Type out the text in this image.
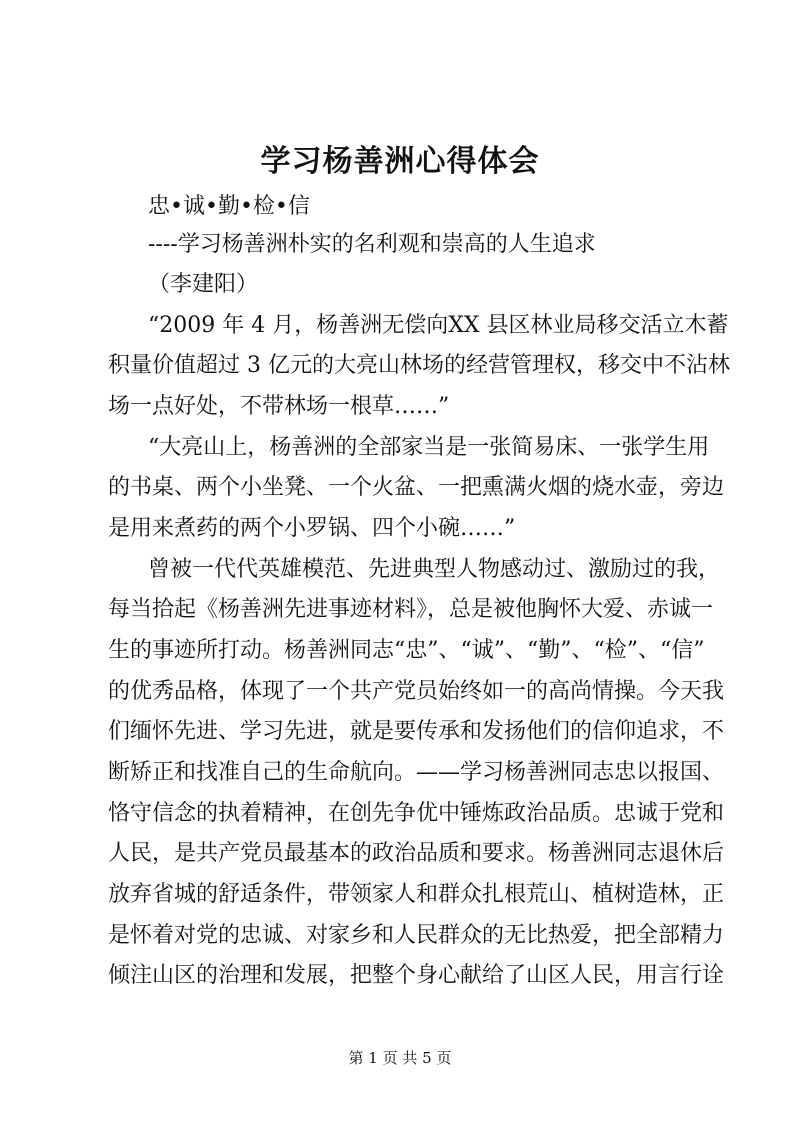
学习杨善洲心得体会
忠•诚•勤•检•信
----学习杨善洲朴实的名利观和崇高的人生追求
（李建阳）
“2009 年 4 月，杨善洲无偿向XX 县区林业局移交活立木蓄
积量价值超过 3 亿元的大亮山林场的经营管理权，移交中不沾林
场一点好处，不带林场一根草……”
“大亮山上，杨善洲的全部家当是一张简易床、一张学生用
的书桌、两个小坐凳、一个火盆、一把熏满火烟的烧水壶，旁边
是用来煮药的两个小罗锅、四个小碗……”
曾被一代代英雄模范、先进典型人物感动过、激励过的我，
每当拾起《杨善洲先进事迹材料》，总是被他胸怀大爱、赤诚一
生的事迹所打动。杨善洲同志“忠”、“诚”、“勤”、“检”、“信”
的优秀品格，体现了一个共产党员始终如一的高尚情操。今天我
们缅怀先进、学习先进，就是要传承和发扬他们的信仰追求，不
断矫正和找准自己的生命航向。——学习杨善洲同志忠以报国、
恪守信念的执着精神，在创先争优中锤炼政治品质。忠诚于党和
人民，是共产党员最基本的政治品质和要求。杨善洲同志退休后
放弃省城的舒适条件，带领家人和群众扎根荒山、植树造林，正
是怀着对党的忠诚、对家乡和人民群众的无比热爱，把全部精力
倾注山区的治理和发展，把整个身心献给了山区人民，用言行诠
第 1 页 共 5 页
